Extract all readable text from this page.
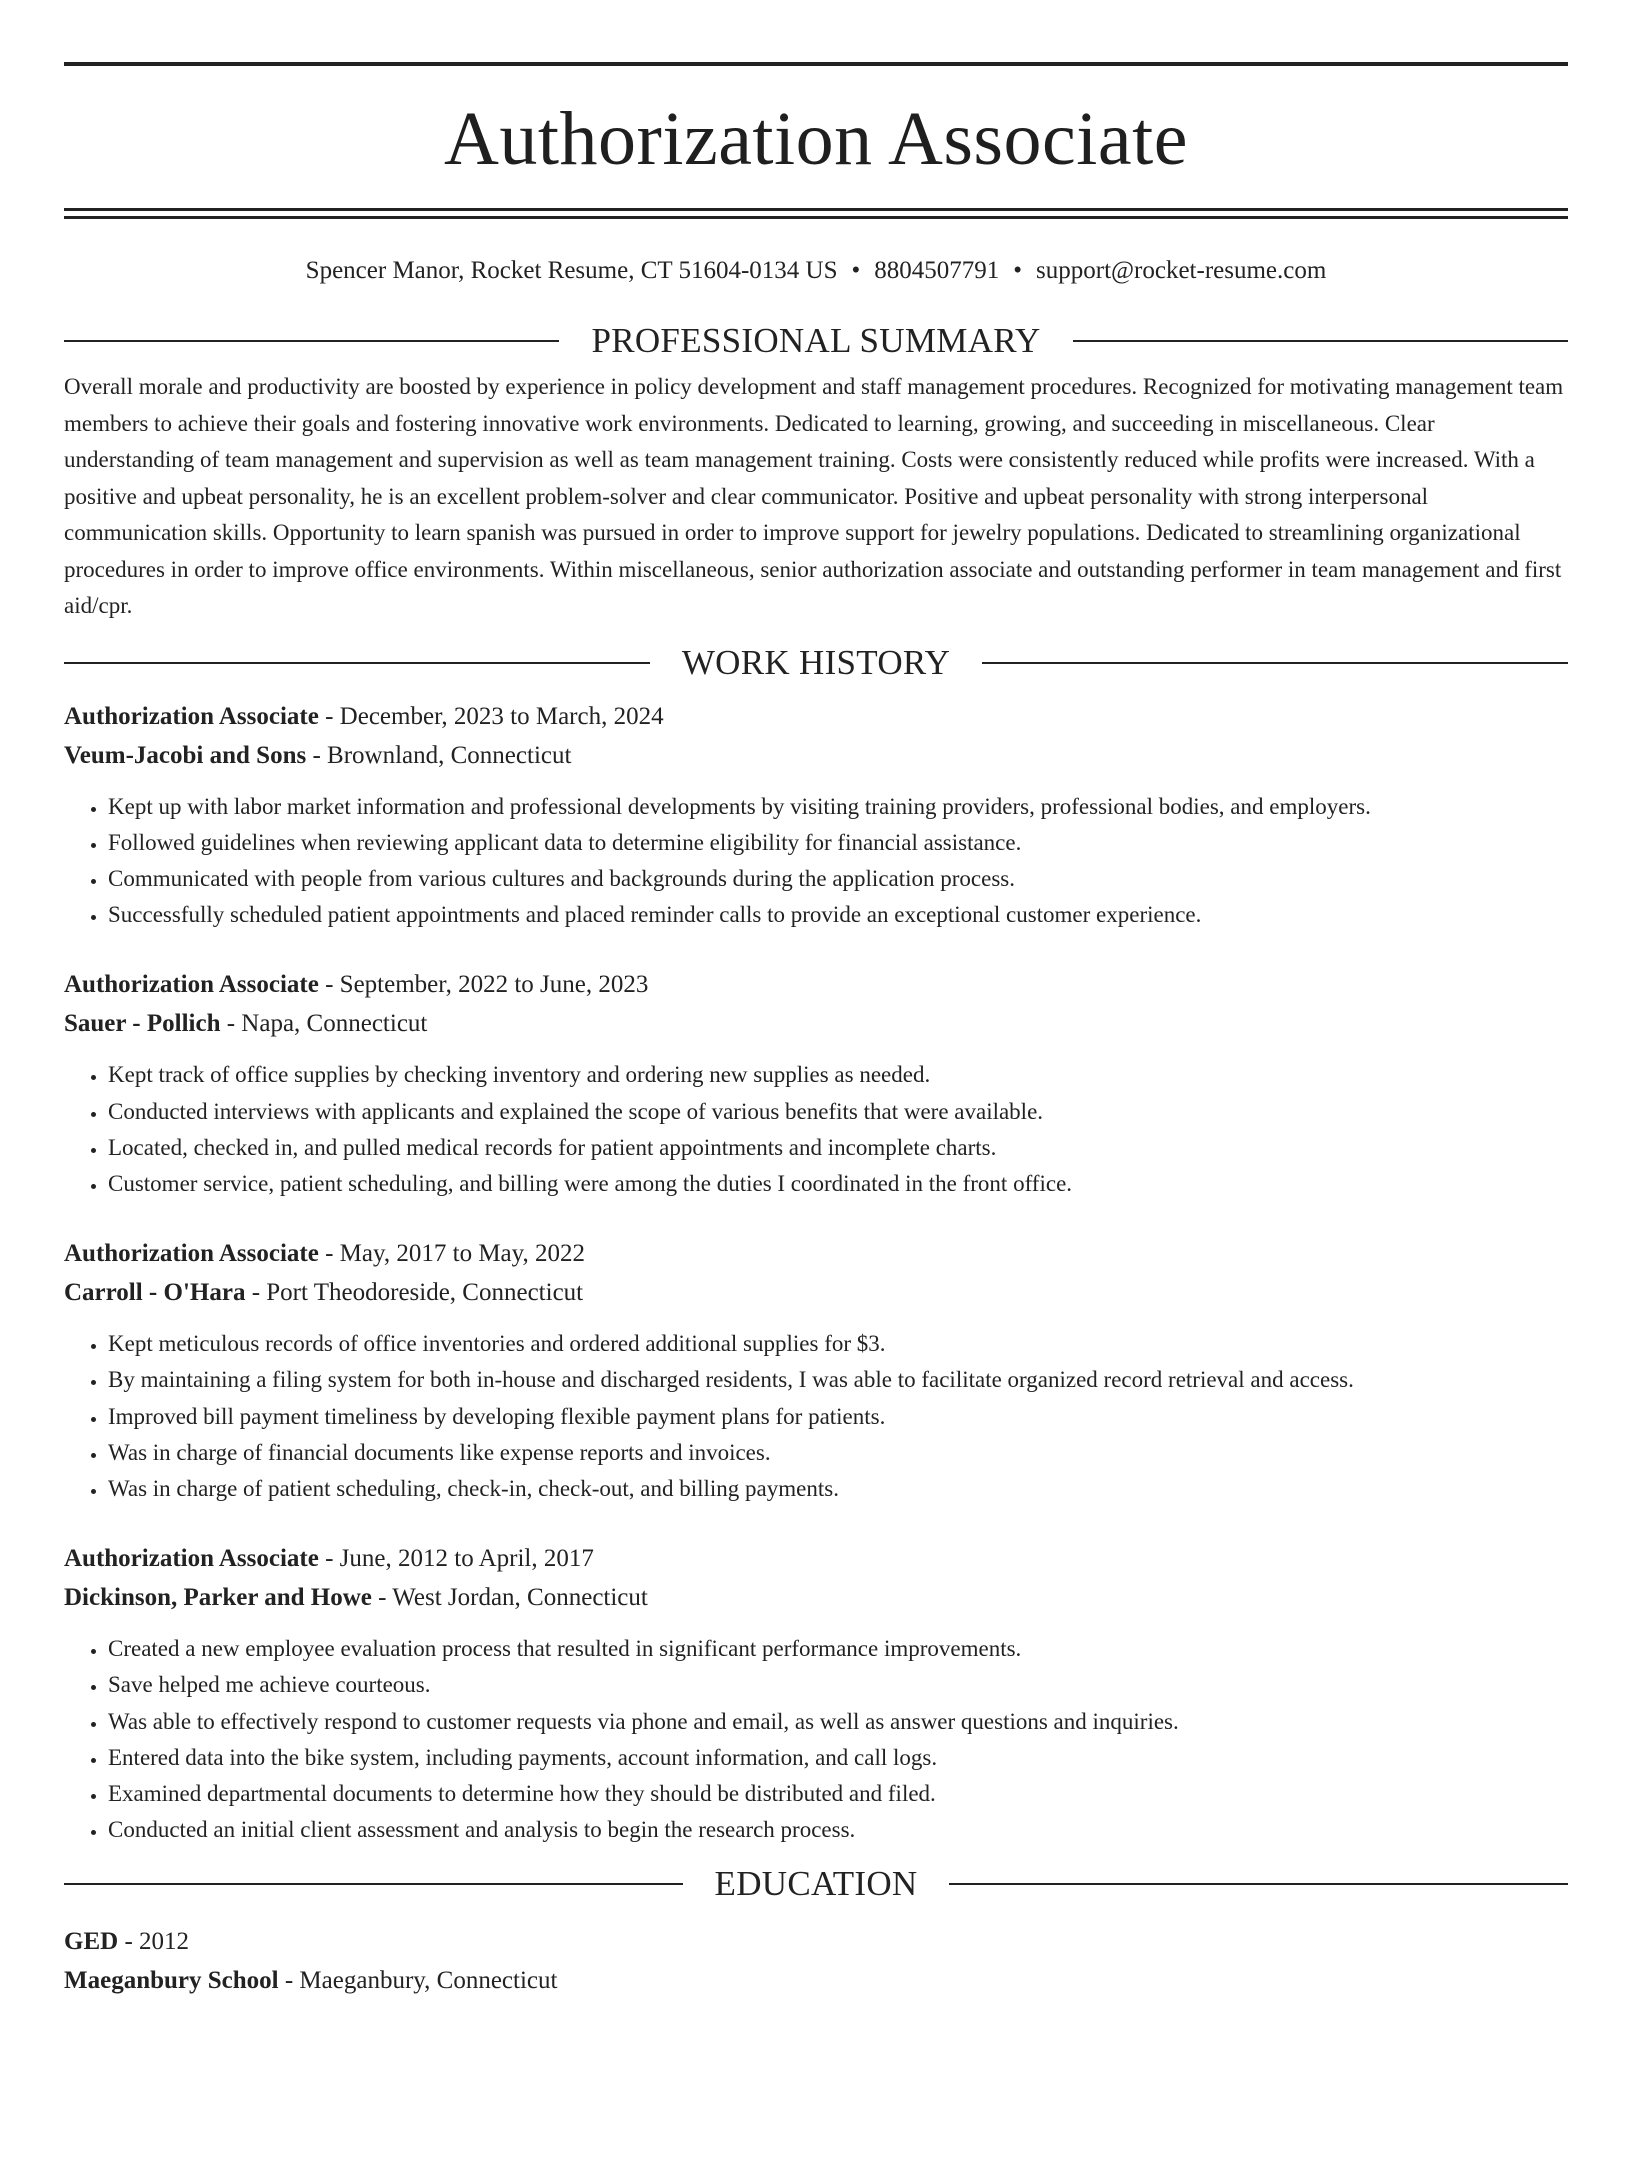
Authorization Associate
Spencer Manor, Rocket Resume, CT 51604-0134 US • 8804507791 • support@rocket-resume.com
PROFESSIONAL SUMMARY

Overall morale and productivity are boosted by experience in policy development and staff management procedures. Recognized for motivating management team members to achieve their goals and fostering innovative work environments. Dedicated to learning, growing, and succeeding in miscellaneous. Clear understanding of team management and supervision as well as team management training. Costs were consistently reduced while profits were increased. With a positive and upbeat personality, he is an excellent problem-solver and clear communicator. Positive and upbeat personality with strong interpersonal communication skills. Opportunity to learn spanish was pursued in order to improve support for jewelry populations. Dedicated to streamlining organizational procedures in order to improve office environments. Within miscellaneous, senior authorization associate and outstanding performer in team management and first aid/cpr.

WORK HISTORY

Authorization Associate - December, 2023 to March, 2024

Veum-Jacobi and Sons - Brownland, Connecticut

• Kept up with labor market information and professional developments by visiting training providers, professional bodies, and employers.
• Followed guidelines when reviewing applicant data to determine eligibility for financial assistance.
• Communicated with people from various cultures and backgrounds during the application process.
• Successfully scheduled patient appointments and placed reminder calls to provide an exceptional customer experience.

Authorization Associate - September, 2022 to June, 2023

Sauer - Pollich - Napa, Connecticut

• Kept track of office supplies by checking inventory and ordering new supplies as needed.
• Conducted interviews with applicants and explained the scope of various benefits that were available.
• Located, checked in, and pulled medical records for patient appointments and incomplete charts.
• Customer service, patient scheduling, and billing were among the duties I coordinated in the front office.

Authorization Associate - May, 2017 to May, 2022

Carroll - O'Hara - Port Theodoreside, Connecticut

• Kept meticulous records of office inventories and ordered additional supplies for $3.
• By maintaining a filing system for both in-house and discharged residents, I was able to facilitate organized record retrieval and access.
• Improved bill payment timeliness by developing flexible payment plans for patients.
• Was in charge of financial documents like expense reports and invoices.
• Was in charge of patient scheduling, check-in, check-out, and billing payments.

Authorization Associate - June, 2012 to April, 2017

Dickinson, Parker and Howe - West Jordan, Connecticut

• Created a new employee evaluation process that resulted in significant performance improvements.
• Save helped me achieve courteous.
• Was able to effectively respond to customer requests via phone and email, as well as answer questions and inquiries.
• Entered data into the bike system, including payments, account information, and call logs.
• Examined departmental documents to determine how they should be distributed and filed.
• Conducted an initial client assessment and analysis to begin the research process.
EDUCATION

GED - 2012

Maeganbury School - Maeganbury, Connecticut
